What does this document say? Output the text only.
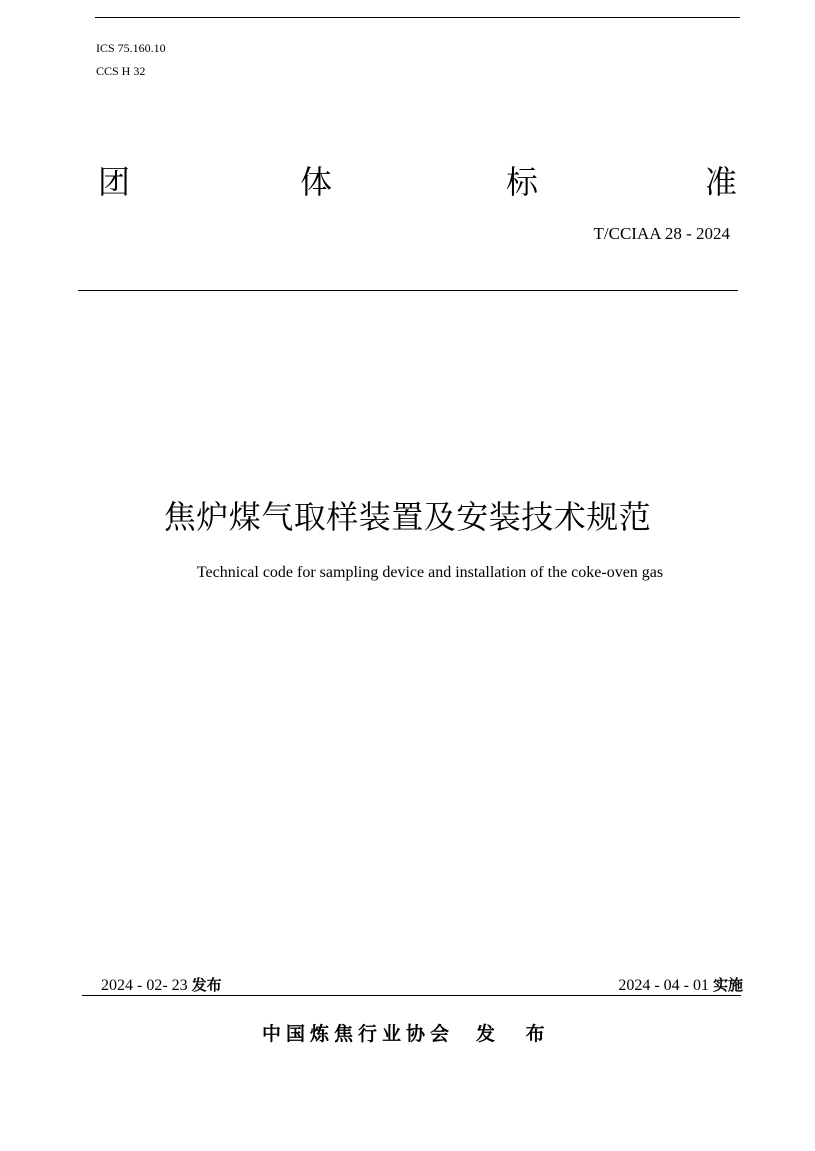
ICS 75.160.10
CCS H 32
团	体	标	准
T/CCIAA 28 - 2024
焦炉煤气取样装置及安装技术规范
Technical code for sampling device and installation of the coke-oven gas
2024 - 02- 23 发布	2024 - 04 - 01 实施
中国炼焦行业协会 发 布
